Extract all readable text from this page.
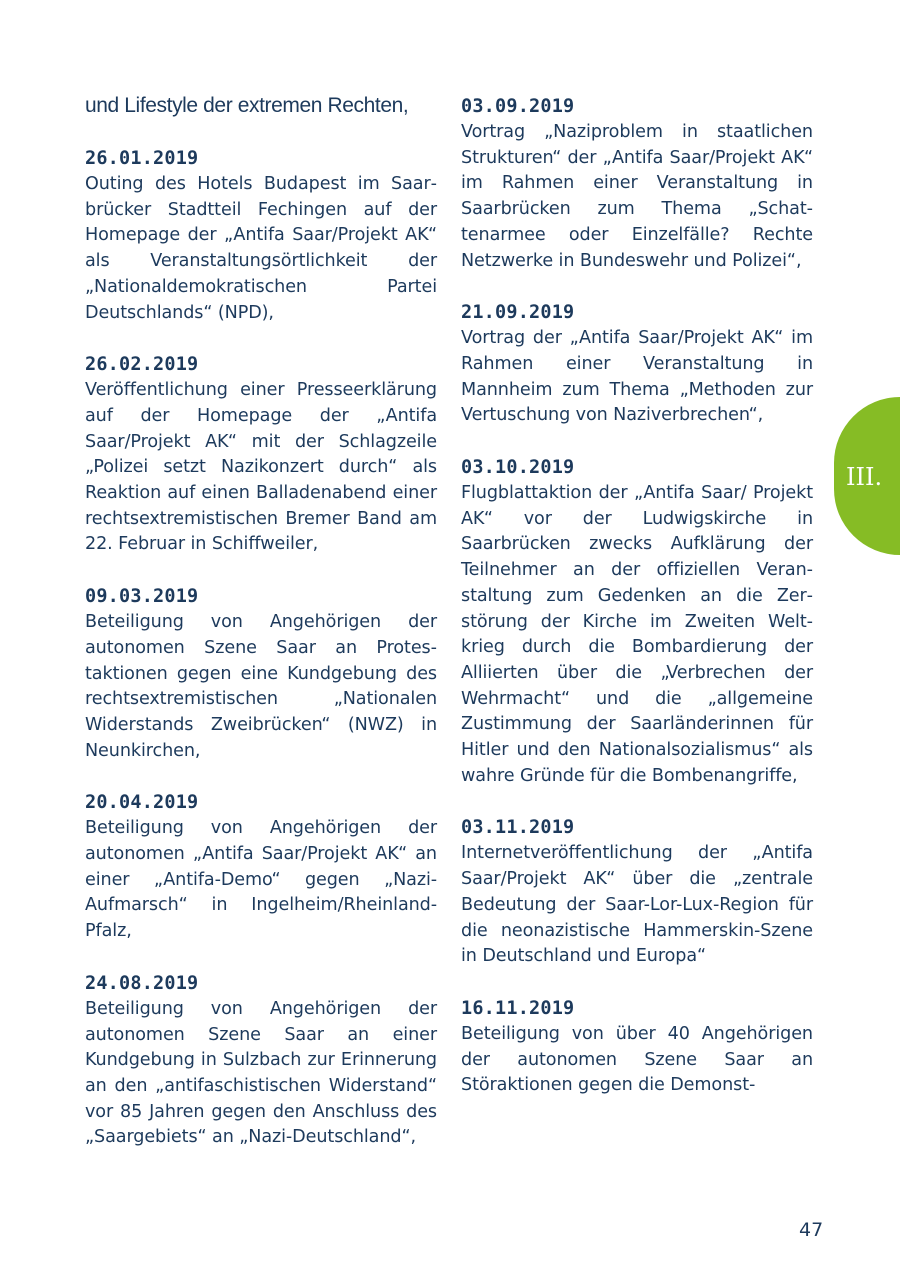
und Lifestyle der extremen Rechten,

26.01.2019
Outing des Hotels Budapest im Saarbrücker Stadtteil Fechingen auf der Homepage der „Antifa Saar/Projekt AK“ als Veranstaltungsörtlichkeit der „Nationaldemokratischen Partei Deutschlands“ (NPD),
26.02.2019
Veröffentlichung einer Presseerklärung auf der Homepage der „Antifa Saar/Projekt AK“ mit der Schlagzeile „Polizei setzt Nazikonzert durch“ als Reaktion auf einen Balladenabend einer rechtsextremistischen Bremer Band am 22. Februar in Schiffweiler,
09.03.2019
Beteiligung von Angehörigen der autonomen Szene Saar an Protestaktionen gegen eine Kundgebung des rechtsextremistischen „Nationalen Widerstands Zweibrücken“ (NWZ) in Neunkirchen,
20.04.2019
Beteiligung von Angehörigen der autonomen „Antifa Saar/Projekt AK“ an einer „Antifa-Demo“ gegen „Nazi-Aufmarsch“ in Ingelheim/Rheinland-Pfalz,
24.08.2019
Beteiligung von Angehörigen der autonomen Szene Saar an einer Kundgebung in Sulzbach zur Erinnerung an den „antifaschistischen Widerstand“ vor 85 Jahren gegen den Anschluss des „Saargebiets“ an „Nazi-Deutschland“,
03.09.2019
Vortrag „Naziproblem in staatlichen Strukturen“ der „Antifa Saar/Projekt AK“ im Rahmen einer Veranstaltung in Saarbrücken zum Thema „Schattenarmee oder Einzelfälle? Rechte Netzwerke in Bundeswehr und Polizei“,
21.09.2019
Vortrag der „Antifa Saar/Projekt AK“ im Rahmen einer Veranstaltung in Mannheim zum Thema „Methoden zur Vertuschung von Naziverbrechen“,
03.10.2019
Flugblattaktion der „Antifa Saar/ Projekt AK“ vor der Ludwigskirche in Saarbrücken zwecks Aufklärung der Teilnehmer an der offiziellen Veranstaltung zum Gedenken an die Zerstörung der Kirche im Zweiten Weltkrieg durch die Bombardierung der Alliierten über die „Verbrechen der Wehrmacht“ und die „allgemeine Zustimmung der Saarländerinnen für Hitler und den Nationalsozialismus“ als wahre Gründe für die Bombenangriffe,
03.11.2019
Internetveröffentlichung der „Antifa Saar/Projekt AK“ über die „zentrale Bedeutung der Saar-Lor-Lux-Region für die neonazistische Hammerskin-Szene in Deutschland und Europa“
16.11.2019
Beteiligung von über 40 Angehörigen der autonomen Szene Saar an Störaktionen gegen die Demonst-
III.
47
